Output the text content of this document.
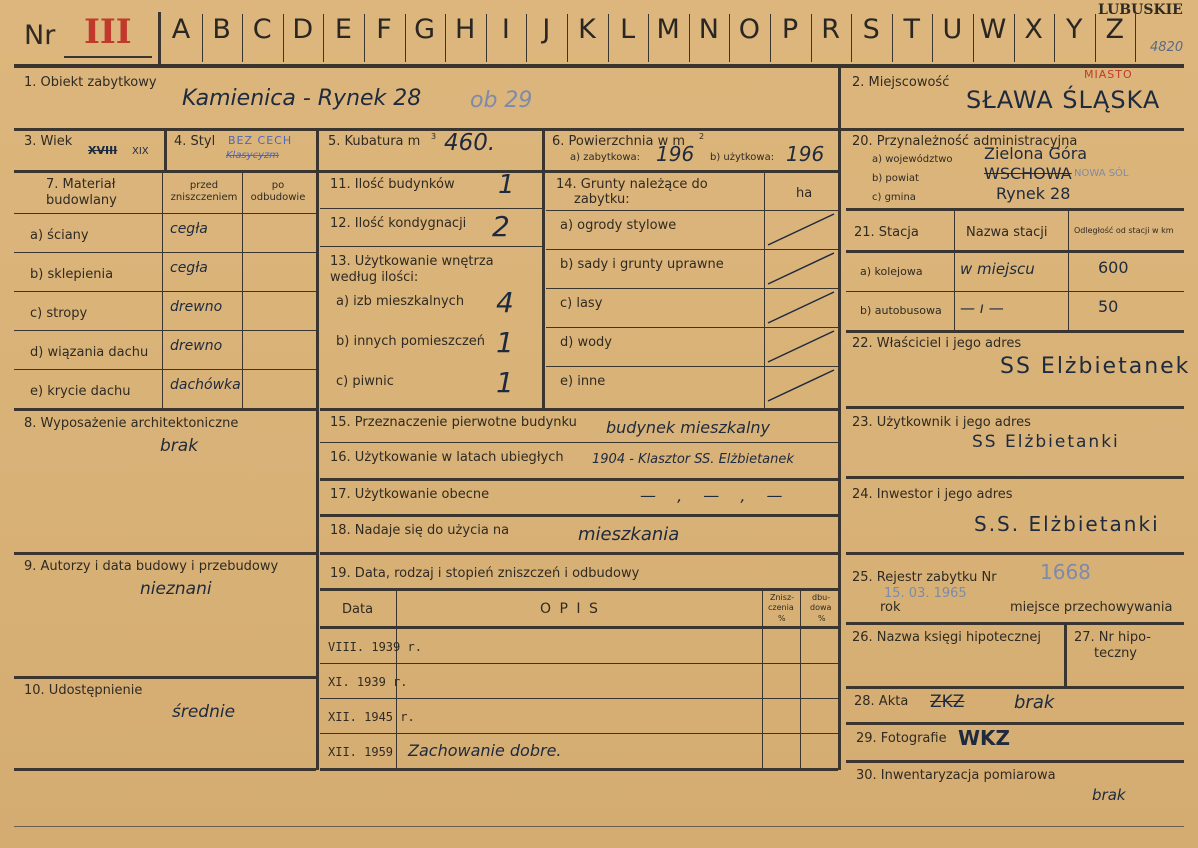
Nr III A B C D E F G H I	J	K L M N O P R S T U W X Y Z
LUBUSKIE
4820
1. Obiekt zabytkowy
Kamienica - Rynek 28 ob 29
3. Wiek
XVIII XIX
4. Styl BEZ CECH
Klasycyzm
5. Kubatura m 3 460.	6. Powierzchnia w m 2
a) zabytkowa: 196 b) użytkowa: 196
7. Materiał
budowlany
przed zniszczeniem
po odbudowie
a) ściany	cegła
b) sklepienia	cegła
c) stropy	drewno
d) wiązania dachu drewno
e) krycie dachu	dachówka
8. Wyposażenie architektoniczne
brak
9. Autorzy i data budowy i przebudowy
nieznani
10. Udostępnienie
średnie
11. Ilość budynków 1
12. Ilość kondygnacji 2
13. Użytkowanie wnętrza
według ilości:
a) izb mieszkalnych 4
b) innych pomieszczeń 1
c) piwnic	1
14. Grunty należące do
zabytku:	ha
a) ogrody stylowe
b) sady i grunty uprawne
c) lasy
d) wody
e) inne
15. Przeznaczenie pierwotne budynku budynek mieszkalny
16. Użytkowanie w latach ubiegłych 1904 - Klasztor SS. Elżbietanek
17. Użytkowanie obecne	— , — , —
18. Nadaje się do użycia na	mieszkania
19. Data, rodzaj i stopień zniszczeń i odbudowy
Data	O P I S
Znisz-
czenia
%
dbu-
dowa
%
VIII. 1939 r.
XI. 1939 r.
XII. 1945 r.
XII. 1959 Zachowanie dobre.
2. Miejscowość
MIASTO
SŁAWA ŚLĄSKA
20. Przynależność administracyjna
a) województwo Zielona Góra
b) powiat	WSCHOWA NOWA SÓL
c) gmina	Rynek 28
21. Stacja	Nazwa stacji	Odległość od stacji w km
a) kolejowa w miejscu	600
b) autobusowa — ı —	50
22. Właściciel i jego adres
SS Elżbietanek
23. Użytkownik i jego adres
SS Elżbietanki
24. Inwestor i jego adres
S.S. Elżbietanki
25. Rejestr zabytku Nr 1668
15. 03. 1965
rok	miejsce przechowywania
26. Nazwa księgi hipotecznej	27. Nr hipo-
teczny
28. Akta ZKZ	brak
29. Fotografie WKZ
30. Inwentaryzacja pomiarowa
brak
